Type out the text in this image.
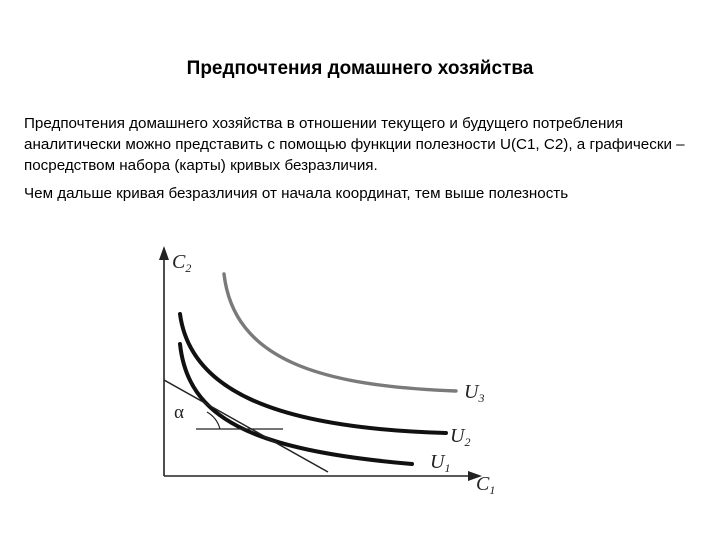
Предпочтения домашнего хозяйства

Предпочтения домашнего хозяйства в отношении текущего и будущего потребления аналитически можно представить с помощью функции полезности U(C1, C2), а графически – посредством набора (карты) кривых безразличия.

Чем дальше кривая безразличия от начала координат, тем выше полезность

$C_2$
$C_1$
α
$U_3$
$U_2$
$U_1$
